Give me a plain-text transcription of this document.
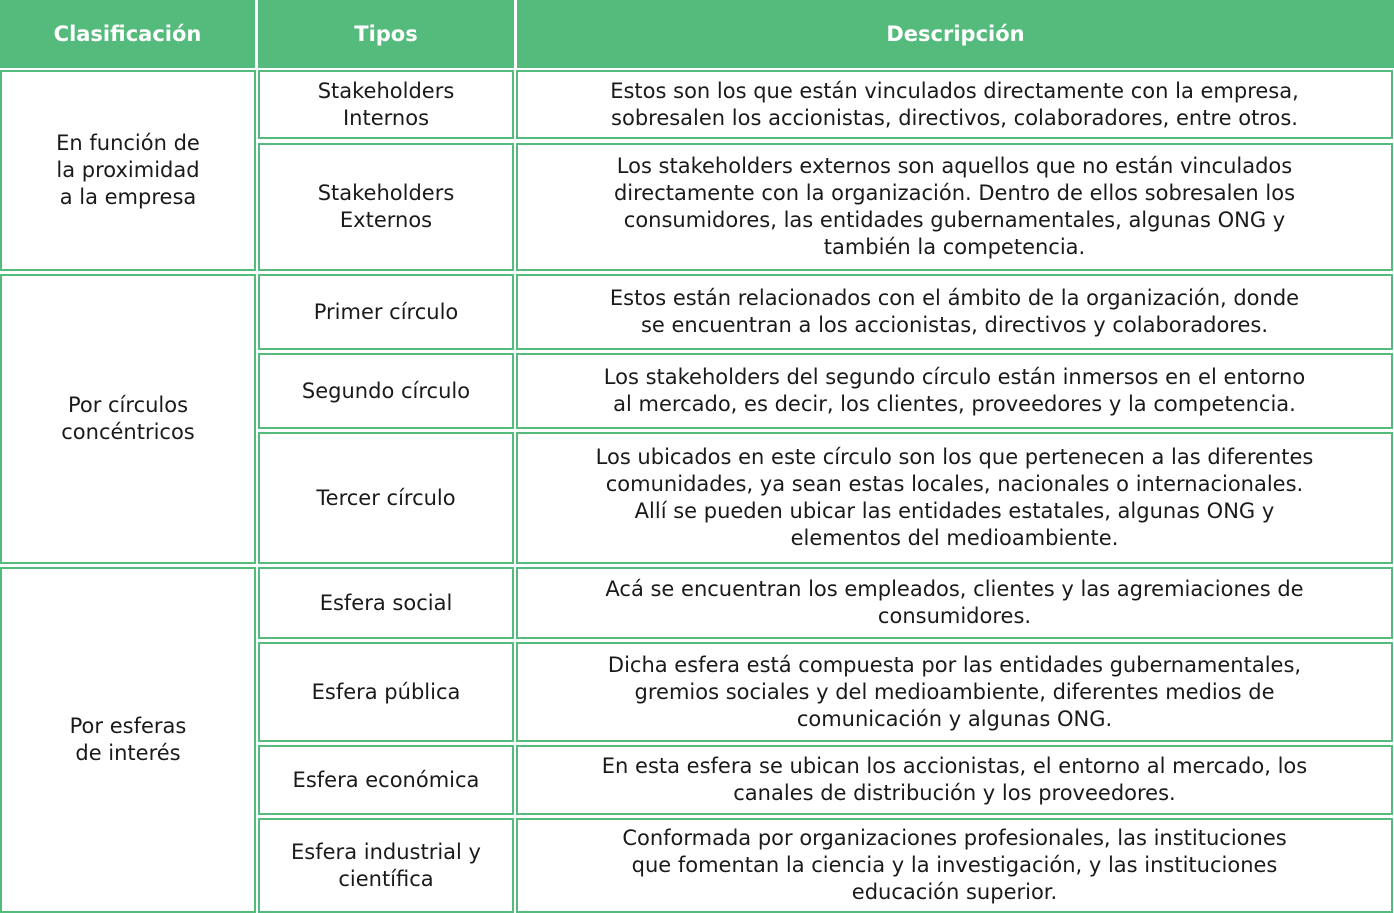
Clasificación	Tipos	Descripción
En función de
la proximidad
a la empresa
Stakeholders
Internos
Estos son los que están vinculados directamente con la empresa,
sobresalen los accionistas, directivos, colaboradores, entre otros.
Stakeholders
Externos
Los stakeholders externos son aquellos que no están vinculados
directamente con la organización. Dentro de ellos sobresalen los
consumidores, las entidades gubernamentales, algunas ONG y
también la competencia.
Por círculos
concéntricos
Primer círculo
Estos están relacionados con el ámbito de la organización, donde
se encuentran a los accionistas, directivos y colaboradores.
Segundo círculo
Los stakeholders del segundo círculo están inmersos en el entorno
al mercado, es decir, los clientes, proveedores y la competencia.
Tercer círculo
Los ubicados en este círculo son los que pertenecen a las diferentes
comunidades, ya sean estas locales, nacionales o internacionales.
Allí se pueden ubicar las entidades estatales, algunas ONG y
elementos del medioambiente.
Por esferas
de interés
Esfera social
Acá se encuentran los empleados, clientes y las agremiaciones de
consumidores.
Esfera pública
Dicha esfera está compuesta por las entidades gubernamentales,
gremios sociales y del medioambiente, diferentes medios de
comunicación y algunas ONG.
Esfera económica
En esta esfera se ubican los accionistas, el entorno al mercado, los
canales de distribución y los proveedores.
Esfera industrial y
científica
Conformada por organizaciones profesionales, las instituciones
que fomentan la ciencia y la investigación, y las instituciones
educación superior.
